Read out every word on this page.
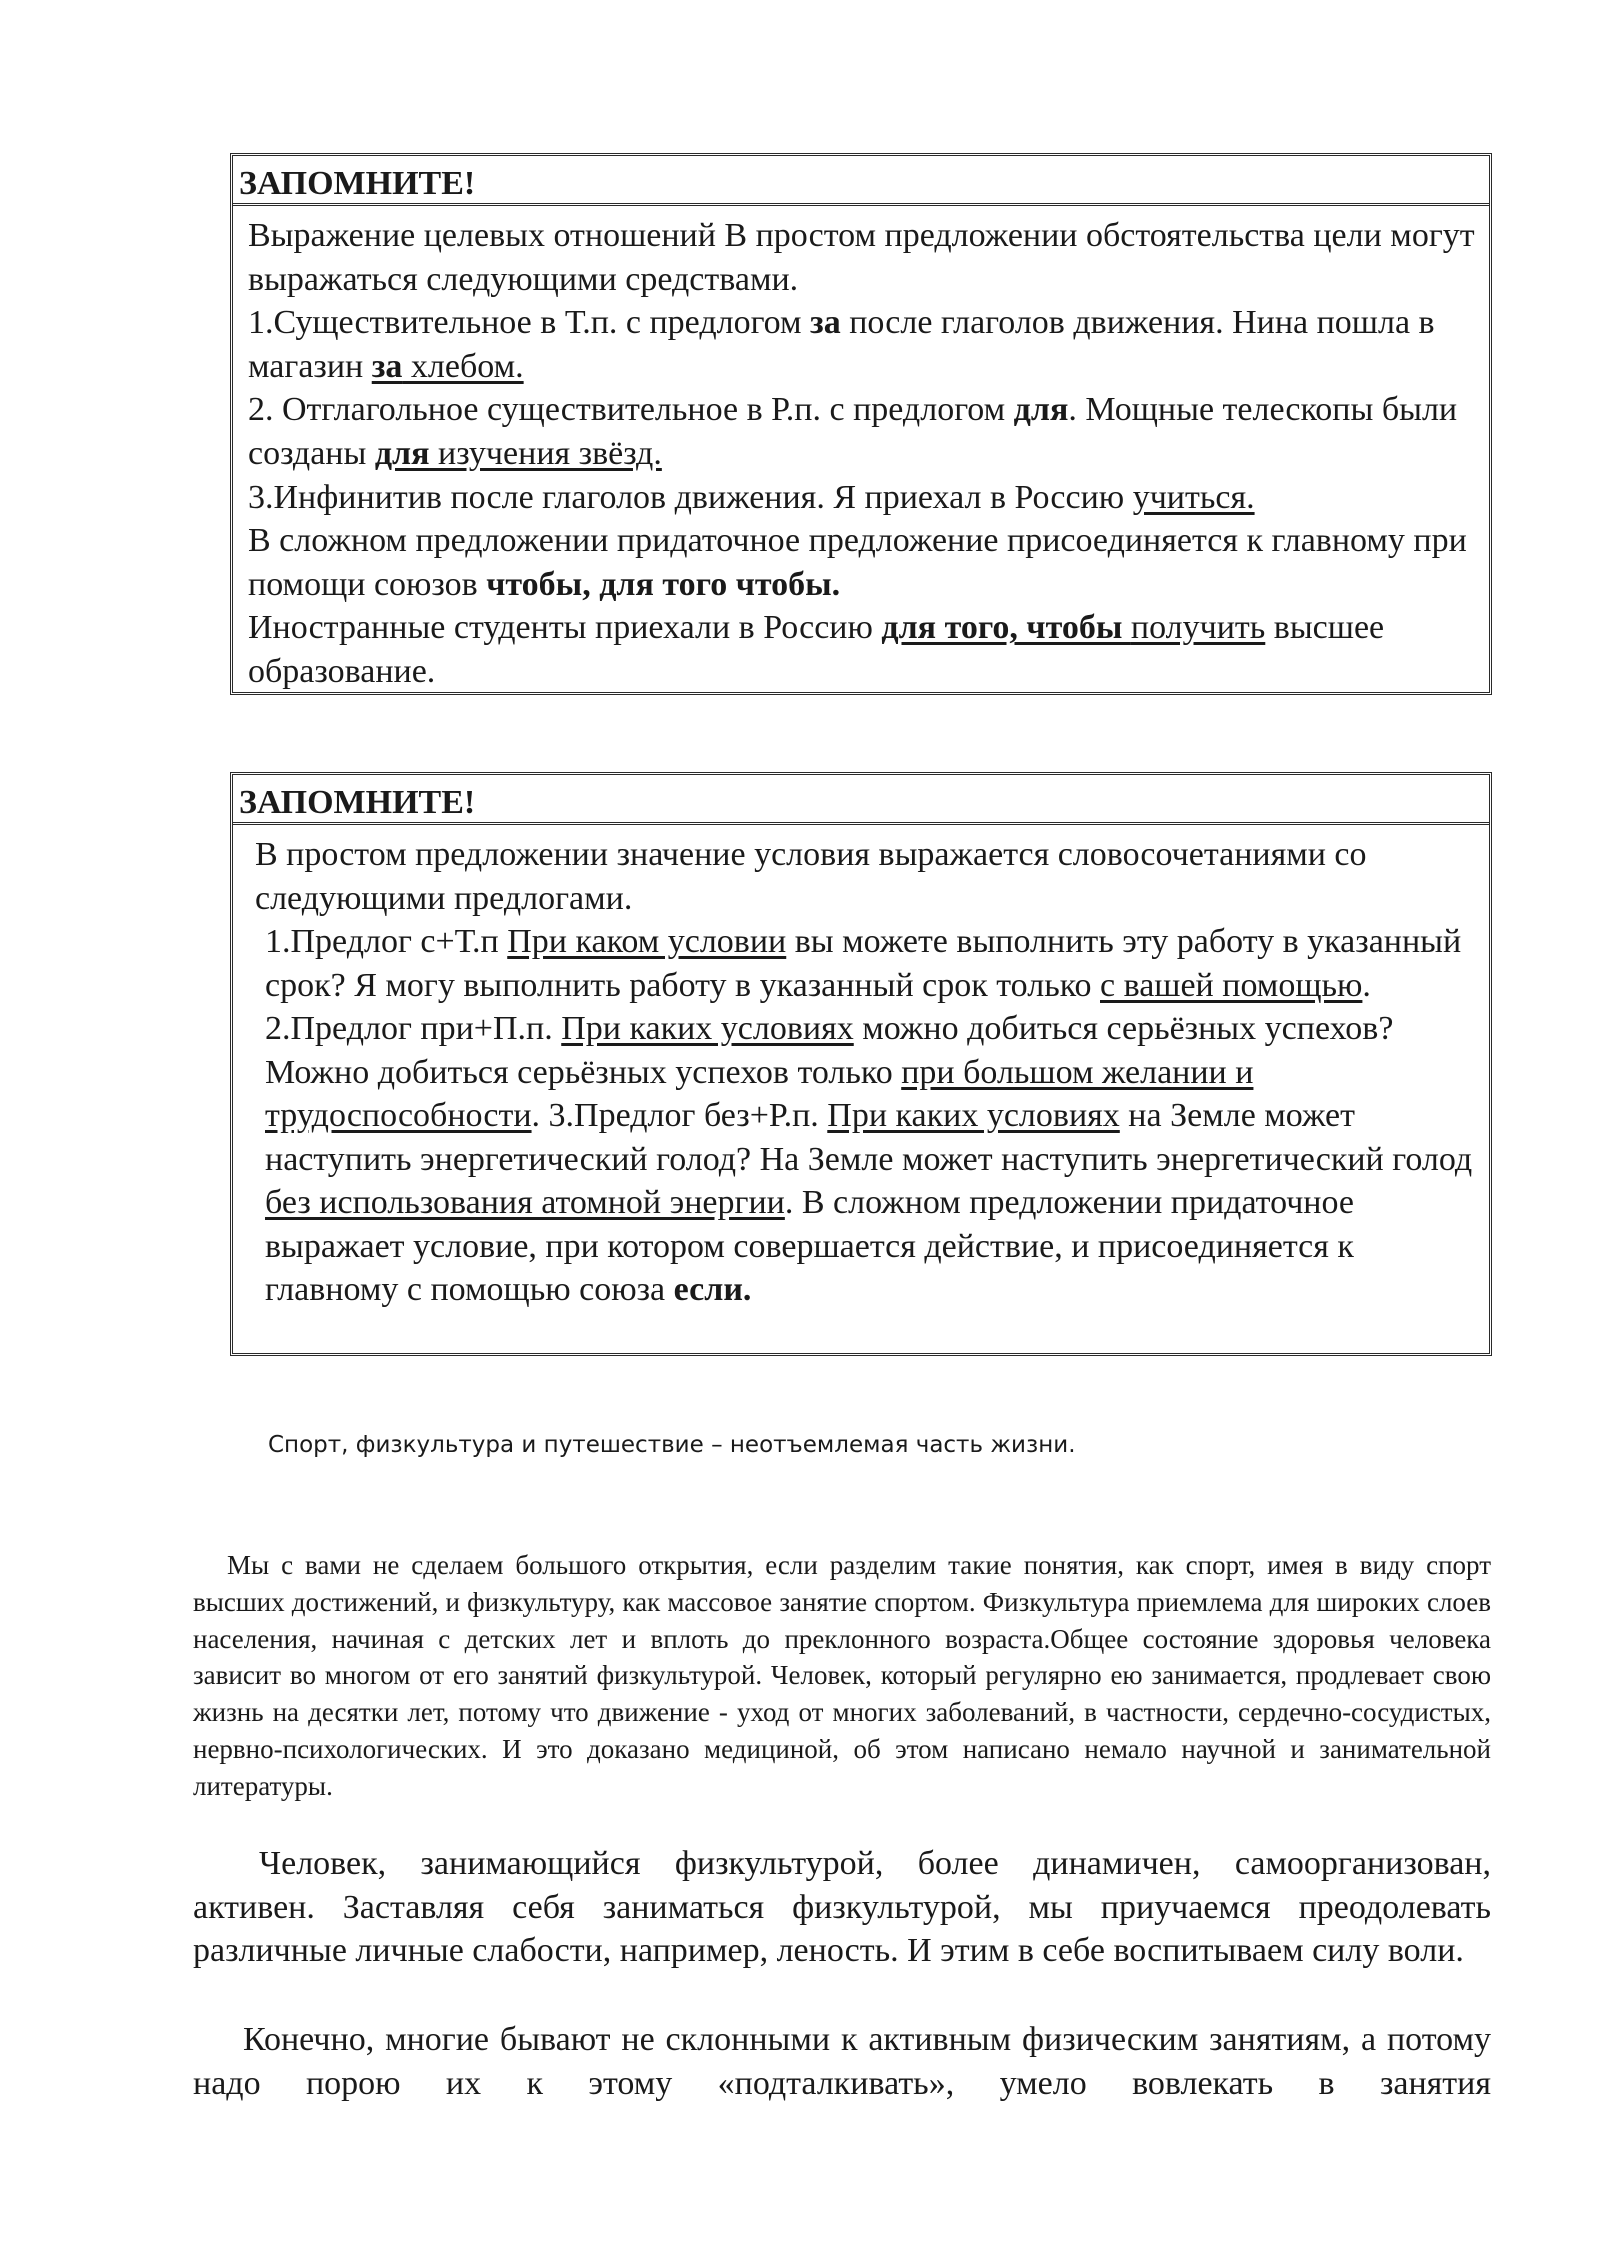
ЗАПОМНИТЕ!

Выражение целевых отношений В простом предложении обстоятельства цели могут выражаться следующими средствами.

1.Существительное в Т.п. с предлогом за после глаголов движения. Нина пошла в магазин за хлебом.

2. Отглагольное существительное в Р.п. с предлогом для. Мощные телескопы были созданы для изучения звёзд.

3.Инфинитив после глаголов движения. Я приехал в Россию учиться.

В сложном предложении придаточное предложение присоединяется к главному при помощи союзов чтобы, для того чтобы.

Иностранные студенты приехали в Россию для того, чтобы получить высшее образование.

ЗАПОМНИТЕ!

В простом предложении значение условия выражается словосочетаниями со следующими предлогами.

1.Предлог с+Т.п При каком условии вы можете выполнить эту работу в указанный срок? Я могу выполнить работу в указанный срок только с вашей помощью.

2.Предлог при+П.п. При каких условиях можно добиться серьёзных успехов? Можно добиться серьёзных успехов только при большом желании и трудоспособности. 3.Предлог без+Р.п. При каких условиях на Земле может наступить энергетический голод? На Земле может наступить энергетический голод без использования атомной энергии. В сложном предложении придаточное выражает условие, при котором совершается действие, и присоединяется к главному с помощью союза если.

Спорт, физкультура и путешествие – неотъемлемая часть жизни.

Мы с вами не сделаем большого открытия, если разделим такие понятия, как спорт, имея в виду спорт высших достижений, и физкультуру, как массовое занятие спортом. Физкультура приемлема для широких слоев населения, начиная с детских лет и вплоть до преклонного возраста.Общее состояние здоровья человека зависит во многом от его занятий физкультурой. Человек, который регулярно ею занимается, продлевает свою жизнь на десятки лет, потому что движение - уход от многих заболеваний, в частности, сердечно-сосудистых, нервно-психологических. И это доказано медициной, об этом написано немало научной и занимательной литературы.

Человек, занимающийся физкультурой, более динамичен, самоорганизован, активен. Заставляя себя заниматься физкультурой, мы приучаемся преодолевать различные личные слабости, например, леность. И этим в себе воспитываем силу воли.

Конечно, многие бывают не склонными к активным физическим занятиям, а потому надо порою их к этому «подталкивать», умело вовлекать в занятия
